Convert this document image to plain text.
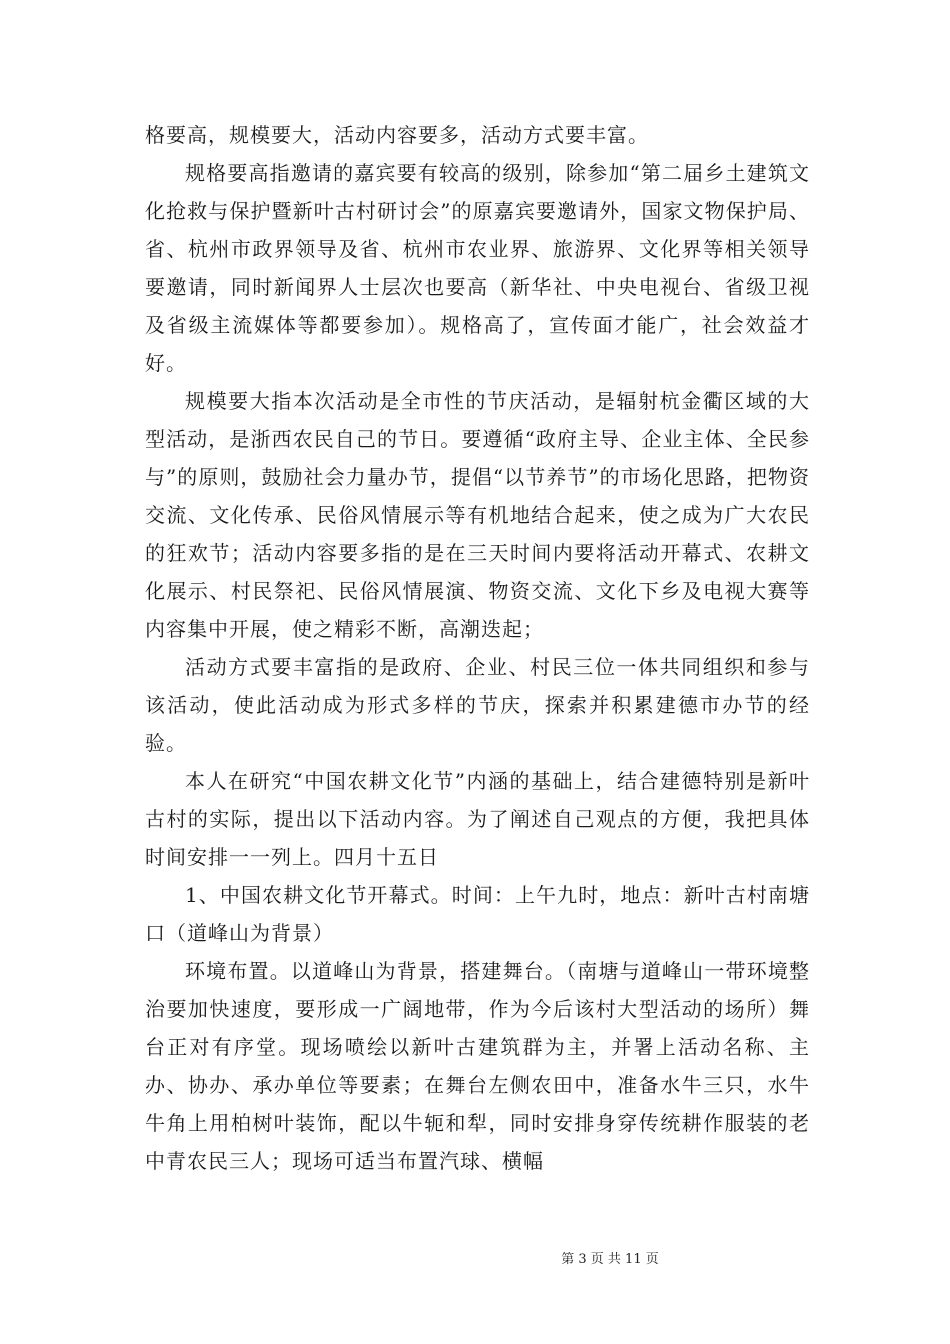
格要高，规模要大，活动内容要多，活动方式要丰富。

规格要高指邀请的嘉宾要有较高的级别，除参加“第二届乡土建筑文化抢救与保护暨新叶古村研讨会”的原嘉宾要邀请外，国家文物保护局、省、杭州市政界领导及省、杭州市农业界、旅游界、文化界等相关领导要邀请，同时新闻界人士层次也要高（新华社、中央电视台、省级卫视及省级主流媒体等都要参加）。规格高了，宣传面才能广，社会效益才好。

规模要大指本次活动是全市性的节庆活动，是辐射杭金衢区域的大型活动，是浙西农民自己的节日。要遵循“政府主导、企业主体、全民参与”的原则，鼓励社会力量办节，提倡“以节养节”的市场化思路，把物资交流、文化传承、民俗风情展示等有机地结合起来，使之成为广大农民的狂欢节；活动内容要多指的是在三天时间内要将活动开幕式、农耕文化展示、村民祭祀、民俗风情展演、物资交流、文化下乡及电视大赛等内容集中开展，使之精彩不断，高潮迭起；

活动方式要丰富指的是政府、企业、村民三位一体共同组织和参与该活动，使此活动成为形式多样的节庆，探索并积累建德市办节的经验。

本人在研究“中国农耕文化节”内涵的基础上，结合建德特别是新叶古村的实际，提出以下活动内容。为了阐述自己观点的方便，我把具体时间安排一一列上。四月十五日

1、中国农耕文化节开幕式。时间：上午九时，地点：新叶古村南塘口（道峰山为背景）

环境布置。以道峰山为背景，搭建舞台。（南塘与道峰山一带环境整治要加快速度，要形成一广阔地带，作为今后该村大型活动的场所）舞台正对有序堂。现场喷绘以新叶古建筑群为主，并署上活动名称、主办、协办、承办单位等要素；在舞台左侧农田中，准备水牛三只，水牛牛角上用柏树叶装饰，配以牛轭和犁，同时安排身穿传统耕作服装的老中青农民三人；现场可适当布置汽球、横幅

第 3 页 共 11 页
